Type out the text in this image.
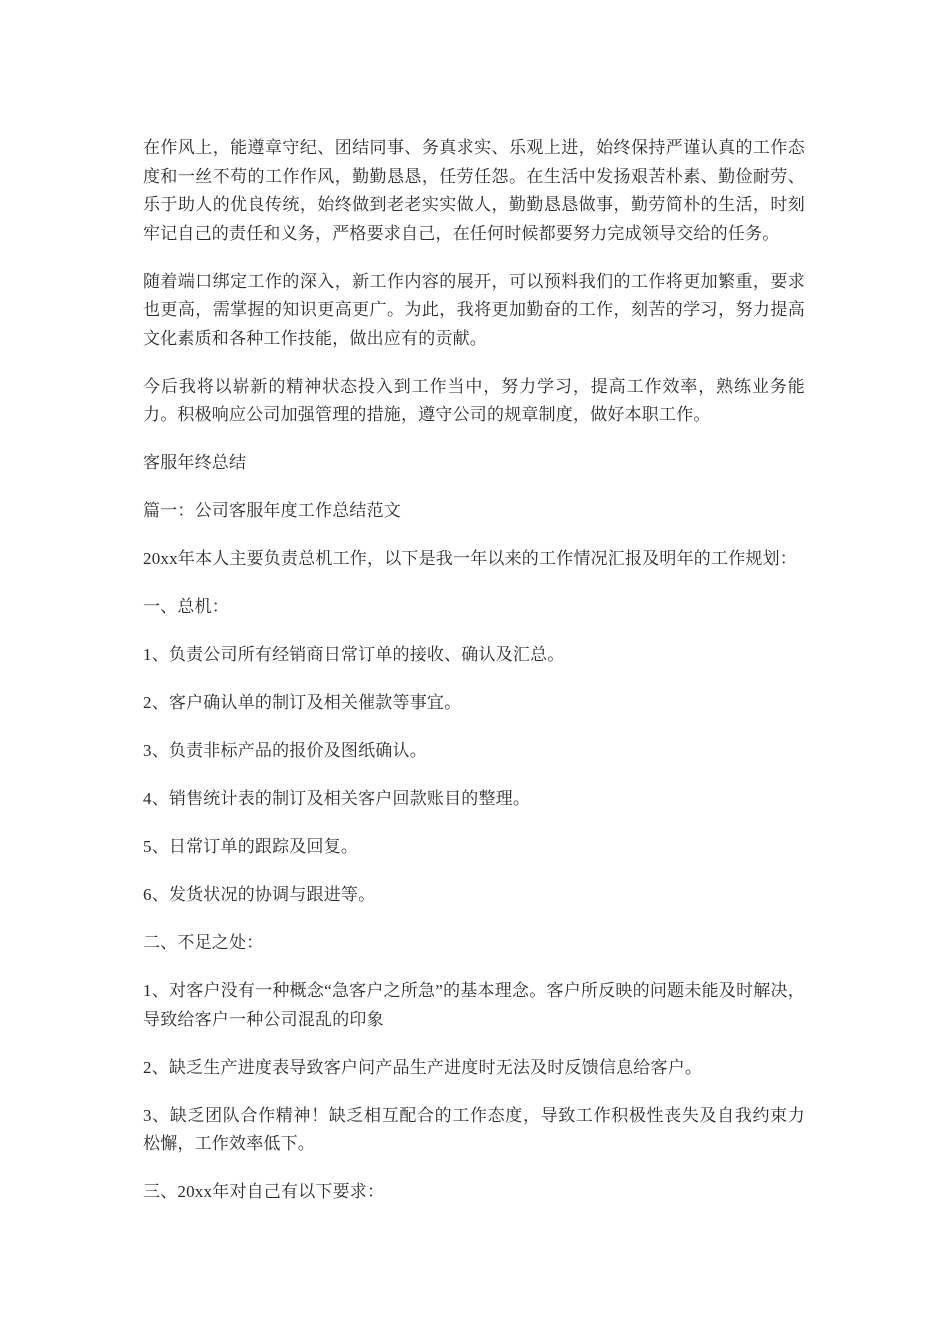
在作风上，能遵章守纪、团结同事、务真求实、乐观上进，始终保持严谨认真的工作态度和一丝不苟的工作作风，勤勤恳恳，任劳任怨。在生活中发扬艰苦朴素、勤俭耐劳、乐于助人的优良传统，始终做到老老实实做人，勤勤恳恳做事，勤劳简朴的生活，时刻牢记自己的责任和义务，严格要求自己，在任何时候都要努力完成领导交给的任务。

随着端口绑定工作的深入，新工作内容的展开，可以预料我们的工作将更加繁重，要求也更高，需掌握的知识更高更广。为此，我将更加勤奋的工作，刻苦的学习，努力提高文化素质和各种工作技能，做出应有的贡献。

今后我将以崭新的精神状态投入到工作当中，努力学习，提高工作效率，熟练业务能力。积极响应公司加强管理的措施，遵守公司的规章制度，做好本职工作。

客服年终总结

篇一：公司客服年度工作总结范文

20xx年本人主要负责总机工作，以下是我一年以来的工作情况汇报及明年的工作规划：

一、总机：

1、负责公司所有经销商日常订单的接收、确认及汇总。

2、客户确认单的制订及相关催款等事宜。

3、负责非标产品的报价及图纸确认。

4、销售统计表的制订及相关客户回款账目的整理。

5、日常订单的跟踪及回复。

6、发货状况的协调与跟进等。

二、不足之处：

1、对客户没有一种概念“急客户之所急”的基本理念。客户所反映的问题未能及时解决，导致给客户一种公司混乱的印象

2、缺乏生产进度表导致客户问产品生产进度时无法及时反馈信息给客户。

3、缺乏团队合作精神！缺乏相互配合的工作态度，导致工作积极性丧失及自我约束力松懈，工作效率低下。

三、20xx年对自己有以下要求：
